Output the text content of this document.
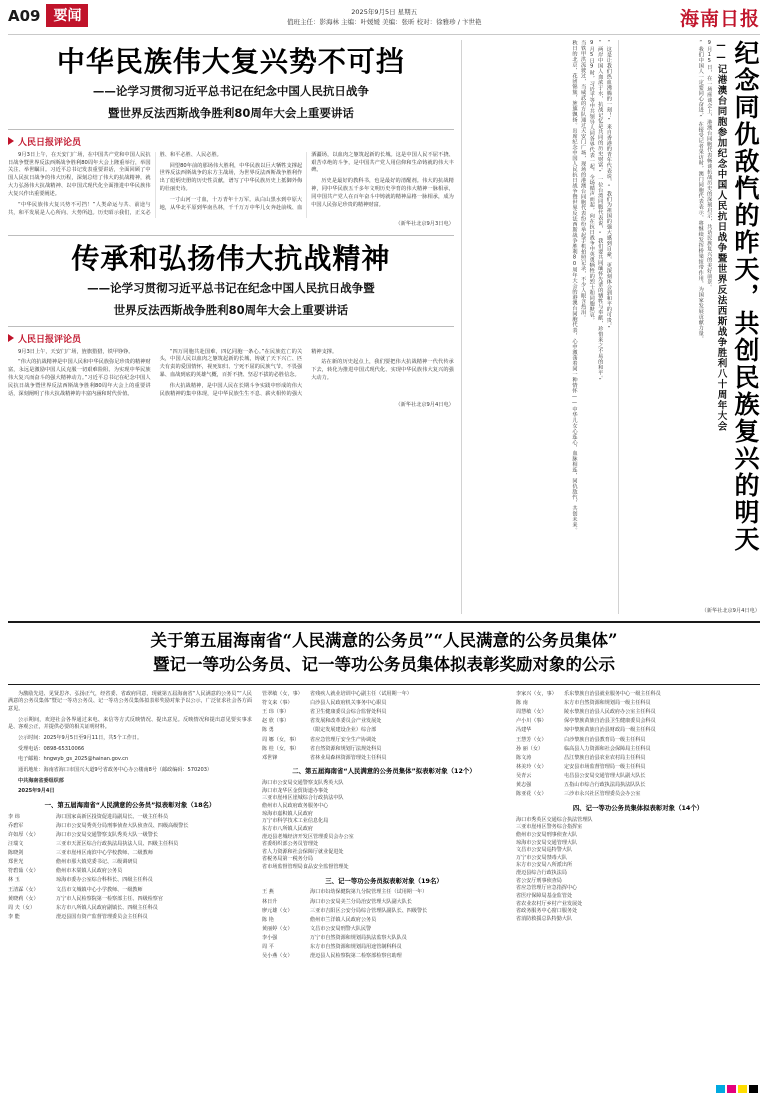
A09 要闻	2025年9月5日 星期五
值班主任：影海林 主编：叶媛媛 美编：张昕 校对：徐雅珍 / 卞世艳	海南日报
中华民族伟大复兴势不可挡
——论学习贯彻习近平总书记在纪念中国人民抗日战争
暨世界反法西斯战争胜利80周年大会上重要讲话
人民日报评论员

9月3日上午，在天安门广场，在中国共产党和中国人民抗日战争暨世界反法西斯战争胜利80周年大会上隆重举行，举国关注、举世瞩目。习近平总书记发表重要讲话，全面回顾了中国人民抗日战争的伟大历程，深刻总结了伟大的抗战精神，就大力弘扬伟大抗战精神、以中国式现代化全面推进中华民族伟大复兴作出重要阐述。

“中华民族伟大复兴势不可挡！”人类命运与共、前途与共，和平发展是人心所向、大势所趋。历史昭示我们，正义必胜、和平必胜、人民必胜。

回望80年前的那场伟大胜利，中华民族以巨大牺牲支撑起世界反法西斯战争的东方主战场，为世界反法西斯战争胜利作出了彪炳史册的历史性贡献，谱写了中华民族历史上抵御外侮的壮丽史诗。

一寸山河一寸血，十万青年十万军。从白山黑水到中原大地，从华北平原到华南丛林，千千万万中华儿女奔赴前线、血洒疆场，以血肉之躯筑起新的长城。这是中国人民不屈不挠、艰苦卓绝的斗争，是中国共产党人用信仰和生命铸就的伟大丰碑。

历史是最好的教科书，也是最好的清醒剂。伟大的抗战精神，同中华民族五千多年文明历史孕育的伟大精神一脉相承，同中国共产党人在百年奋斗中铸就的精神品格一脉相承，成为中国人民弥足珍贵的精神财富。

（新华社北京9月3日电）
传承和弘扬伟大抗战精神
——论学习贯彻习近平总书记在纪念中国人民抗日战争暨
世界反法西斯战争胜利80周年大会上重要讲话
人民日报评论员

9月3日上午，天安门广场，旌旗猎猎，铁甲铮铮。

“伟大的抗战精神是中国人民和中华民族弥足珍贵的精神财富，永远是激励中国人民克服一切艰难险阻、为实现中华民族伟大复兴而奋斗的强大精神动力。”习近平总书记在纪念中国人民抗日战争暨世界反法西斯战争胜利80周年大会上的重要讲话，深刻阐明了伟大抗战精神的丰富内涵和时代价值。

“四万同胞共赴国难，四亿同胞一条心。”在民族危亡的关头，中国人民以血肉之躯筑起新的长城，铸就了天下兴亡、匹夫有责的爱国情怀，视死如归、宁死不屈的民族气节，不畏强暴、血战到底的英雄气概，百折不挠、坚忍不拔的必胜信念。

伟大抗战精神，是中国人民在长期斗争实践中形成的伟大民族精神的集中体现，是中华民族生生不息、薪火相传的强大精神支撑。

站在新的历史起点上，我们要把伟大抗战精神一代代传承下去，转化为推进中国式现代化、实现中华民族伟大复兴的强大动力。

（新华社北京9月4日电）	秋日的北京，花团锦簇，旌旗飘扬。出席纪念中国人民抗日战争暨世界反法西斯战争胜利80周年大会的港澳台同胞代表，心中激荡着同一种情怀——中华儿女心连心，血脉相连，同仇敌忾，共创未来。 当铁甲洪流驶过，当威武的方队通过天安门广场，现场的港澳台同胞代表纷纷举起手机拍照记录，不少人眼含热泪。 9月5日9时，习近平等中共领导人同各界代表一起，全场循声而起，向在抗日战争中英勇牺牲的烈士和同胞默哀。 “两岸中国人血浓于水，抗战记忆是共同的历史财富。”一位台湾同胞代表说，“我们要共同缅怀先辈的牺牲与奉献，珍惜来之不易的和平。” “这是让我们热血沸腾的一刻！”来自香港的青年代表说，“我们为祖国的强大感到自豪，更深刻体会到和平的可贵。”	“我们中国人一定要同心奋进。”在接受记者采访时，澳门同胞代表表示，将继续发挥桥梁纽带作用，为国家发展贡献力量。 9月15日，在一场座谈会上，港澳台同胞代表畅谈抗战历史的深刻启示，共话民族复兴的美好前景。 ——记港澳台同胞参加纪念中国人民抗日战争暨世界反法西斯战争胜利八十周年大会 纪念同仇敌忾的昨天，共创民族复兴的明天
（新华社北京9月4日电）
关于第五届海南省“人民满意的公务员”“人民满意的公务员集体”
暨记一等功公务员、记一等功公务员集体拟表彰奖励对象的公示

为激励先进、见贤思齐、弘扬正气，经省委、省政府同意，现就第五届海南省“人民满意的公务员”“人民满意的公务员集体”暨记一等功公务员、记一等功公务员集体拟表彰奖励对象予以公示，广泛征求社会各方面意见。

公示期间，欢迎社会各界通过来电、来信等方式反映情况、提出意见。反映情况和提出意见要实事求是、客观公正，并提供必要的相关证明材料。

公示时间：2025年9月5日至9月11日，共5个工作日。

受理电话：0898-65310066

电子邮箱：hngwyb_gs_2025@hainan.gov.cn

通讯地址：海南省海口市国兴大道9号省政务中心办公楼南8号（邮政编码：570203）

中共海南省委组织部

2025年9月4日

一、第五届海南省“人民满意的公务员”拟表彰对象（18名）
李 纬	海口国家高新区投资促进局副局长、一级主任科员
乔碧军	海口市公安局秀英分局刑事侦查大队侦查员、四级高级警长
许如厚（女）	海口市公安局交通警察支队秀英大队一级警长
汪瑞文	三亚市天涯区综合行政执法局执法人员、四级主任科员
陈晓剑	三亚市崖州区南滨中心学校教师、二级教师
郑世光	儋州市那大镇党委书记、三级调研员
符碧茹（女）	儋州市木棠镇人民政府公务员
林 玉	琼海市委办公室综合科科长、四级主任科员
王清霖（女）	文昌市文城镇中心小学教师、一级教师
黄晓莉（女）	万宁市人民检察院第一检察部主任、四级检察官
周 夫（女）	东方市八所镇人民政府副镇长、四级主任科员
李 能	澄迈县国有资产监督管理委员会主任科员
管翠敏（女，事）	省残疾人就业培训中心副主任（试用期一年）
符文来（事）	白沙县人民政府机关事务中心职员
王 玮（事）	省卫生健康委员会综合监督处科员
赵 欣（事）	省发展和改革委员会产业发展处
陈 勇	（限定发展建设企业）综合部
周 娜（女，事）	省应急管理厅安全生产协调处
陈 桂（女，事）	省自然资源和规划厅法规处科员
邓世锋	省林业局森林资源管理处主任科员
二、第五届海南省“人民满意的公务员集体”拟表彰对象（12个）
海口市公安局交通警察支队秀英大队
海口市龙华区金贸街道办事处
三亚市崖州区崖城综合行政执法中队
儋州市人民政府政务服务中心
琼海市嘉积镇人民政府
万宁市科学技术工业信息化局
东方市八所镇人民政府
澄迈县老城经济开发区管理委员会办公室
省委组织部公务员管理处
省人力资源和社会保障厅就业促进处
省税务局第一税务分局
省市场监督管理局食品安全监督管理处
三、记一等功公务员拟表彰对象（19名）
王 燕	海口市妇幼保健院第九分院管理主任（试用期一年）
林日升	海口市公安局美兰分局治安管理大队副大队长
廖元雄（女）	三亚市吉阳区公安分局综合管理队副队长、四级警长
陈 艳	儋州市兰洋镇人民政府公务员
黄丽婷（女）	文昌市公安局刑警大队民警
李小强	万宁市自然资源和规划局执法监察大队队员
周 平	东方市自然资源和规划局用途管制科科员
吴小燕（女）	澄迈县人民检察院第二检察部检察官助理
李家兴（女，事）	乐东黎族自治县就业服务中心一级主任科员
陈 南	东方市自然资源和规划局一级主任科员
周慧敏（女）	陵水黎族自治县人民政府办公室主任科员
卢小川（事）	保亭黎族苗族自治县卫生健康委员会科员
冯建华	琼中黎族苗族自治县财政局一级主任科员
王慧芳（女）	白沙黎族自治县教育局一级主任科员
孙 丽（女）	临高县人力资源和社会保障局主任科员
陈文涛	昌江黎族自治县农业农村局主任科员
林美玲（女）	定安县市场监督管理局一级主任科员
吴青云	屯昌县公安局交通管理大队副大队长
黄志强	五指山市综合行政执法局执法队队长
陈亚花（女）	三沙市永兴社区管理委员会办公室
四、记一等功公务员集体拟表彰对象（14个）
海口市秀英区交通综合执法管理队
三亚市崖州区警务综合指挥室
儋州市公安局刑事侦查大队
琼海市公安局交通管理大队
文昌市公安局巡特警大队
万宁市公安局禁毒大队
东方市公安局八所派出所
澄迈县综合行政执法局
省公安厅刑事侦查局
省应急管理厅应急指挥中心
省医疗保障局基金监管处
省农业农村厅乡村产业发展处
省政务服务中心窗口服务处
省消防救援总队特勤大队
